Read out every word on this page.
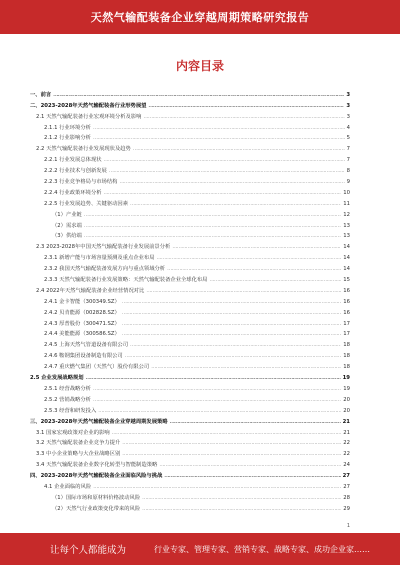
天然气输配装备企业穿越周期策略研究报告
内容目录
一、前言 ………………………………………………………………………………………………………………………………………………………………………………………………………………………………………………	3
二、2023-2028年天然气输配装备行业形势展望 ………………………………………………………………………………………………………………………………………………………………………………………………………………………………………………	3
2.1 天然气输配装备行业宏观环境分析及影响 ………………………………………………………………………………………………………………………………………………………………………………………………………………………………………………	3
2.1.1 行业环境分析 ………………………………………………………………………………………………………………………………………………………………………………………………………………………………………………	4
2.1.2 行业影响分析 ………………………………………………………………………………………………………………………………………………………………………………………………………………………………………………	5
2.2 天然气输配装备行业发展现状及趋势 ………………………………………………………………………………………………………………………………………………………………………………………………………………………………………………	7
2.2.1 行业发展总体现状 ………………………………………………………………………………………………………………………………………………………………………………………………………………………………………………	7
2.2.2 行业技术与创新发展 ………………………………………………………………………………………………………………………………………………………………………………………………………………………………………………	8
2.2.3 行业竞争格局与市场结构 ………………………………………………………………………………………………………………………………………………………………………………………………………………………………………………	9
2.2.4 行业政策环境分析 ………………………………………………………………………………………………………………………………………………………………………………………………………………………………………………	10
2.2.5 行业发展趋势、关键驱动因素 ………………………………………………………………………………………………………………………………………………………………………………………………………………………………………………	11
（1）产业链 ………………………………………………………………………………………………………………………………………………………………………………………………………………………………………………	12
（2）需求端 ………………………………………………………………………………………………………………………………………………………………………………………………………………………………………………	13
（3）供给端 ………………………………………………………………………………………………………………………………………………………………………………………………………………………………………………	13
2.3 2023-2028年中国天然气输配装备行业发展前景分析 ………………………………………………………………………………………………………………………………………………………………………………………………………………………………………………	14
2.3.1 新增产能与市场容量预测及重点企业布局 ………………………………………………………………………………………………………………………………………………………………………………………………………………………………………………	14
2.3.2 我国天然气输配装备发展方向与重点领域分析 ………………………………………………………………………………………………………………………………………………………………………………………………………………………………………………	14
2.3.3 天然气输配装备行业发展策略：天然气输配装备企业全球化布局 ………………………………………………………………………………………………………………………………………………………………………………………………………………………………………………	15
2.4 2022年天然气输配装备企业经营情况对比 ………………………………………………………………………………………………………………………………………………………………………………………………………………………………………………	16
2.4.1 金卡智能（300349.SZ） ………………………………………………………………………………………………………………………………………………………………………………………………………………………………………………	16
2.4.2 贝肯能源（002828.SZ） ………………………………………………………………………………………………………………………………………………………………………………………………………………………………………………	16
2.4.3 厚普股份（300471.SZ） ………………………………………………………………………………………………………………………………………………………………………………………………………………………………………………	17
2.4.4 美能能源（300586.SZ） ………………………………………………………………………………………………………………………………………………………………………………………………………………………………………………	17
2.4.5 上海天然气管道设备有限公司 ………………………………………………………………………………………………………………………………………………………………………………………………………………………………………………	18
2.4.6 鞍钢集团设备制造有限公司 ………………………………………………………………………………………………………………………………………………………………………………………………………………………………………………	18
2.4.7 重庆燃气集团（天然气）股份有限公司 ………………………………………………………………………………………………………………………………………………………………………………………………………………………………………………	18
2.5 企业发展战略规划 ………………………………………………………………………………………………………………………………………………………………………………………………………………………………………………	19
2.5.1 经营战略分析 ………………………………………………………………………………………………………………………………………………………………………………………………………………………………………………	19
2.5.2 营销战略分析 ………………………………………………………………………………………………………………………………………………………………………………………………………………………………………………	20
2.5.3 经营和研发投入 ………………………………………………………………………………………………………………………………………………………………………………………………………………………………………………	20
三、2023-2028年天然气输配装备企业穿越周期发展策略 ………………………………………………………………………………………………………………………………………………………………………………………………………………………………………………	21
3.1 国家宏观政策对企业的影响 ………………………………………………………………………………………………………………………………………………………………………………………………………………………………………………	21
3.2 天然气输配装备企业竞争力提升 ………………………………………………………………………………………………………………………………………………………………………………………………………………………………………………	22
3.3 中小企业策略与大企业战略区别 ………………………………………………………………………………………………………………………………………………………………………………………………………………………………………………	22
3.4 天然气输配装备企业数字化转型与智能制造策略 ………………………………………………………………………………………………………………………………………………………………………………………………………………………………………………	24
四、2023-2028年天然气输配装备企业面临风险与挑战 ………………………………………………………………………………………………………………………………………………………………………………………………………………………………………………	27
4.1 企业面临的风险 ………………………………………………………………………………………………………………………………………………………………………………………………………………………………………………	27
（1）国际市场和原材料价格波动风险 ………………………………………………………………………………………………………………………………………………………………………………………………………………………………………………	28
（2）天然气行业政策变化带来的风险 ………………………………………………………………………………………………………………………………………………………………………………………………………………………………………………	29
1
让每个人都能成为	行业专家、管理专家、营销专家、战略专家、成功企业家……
